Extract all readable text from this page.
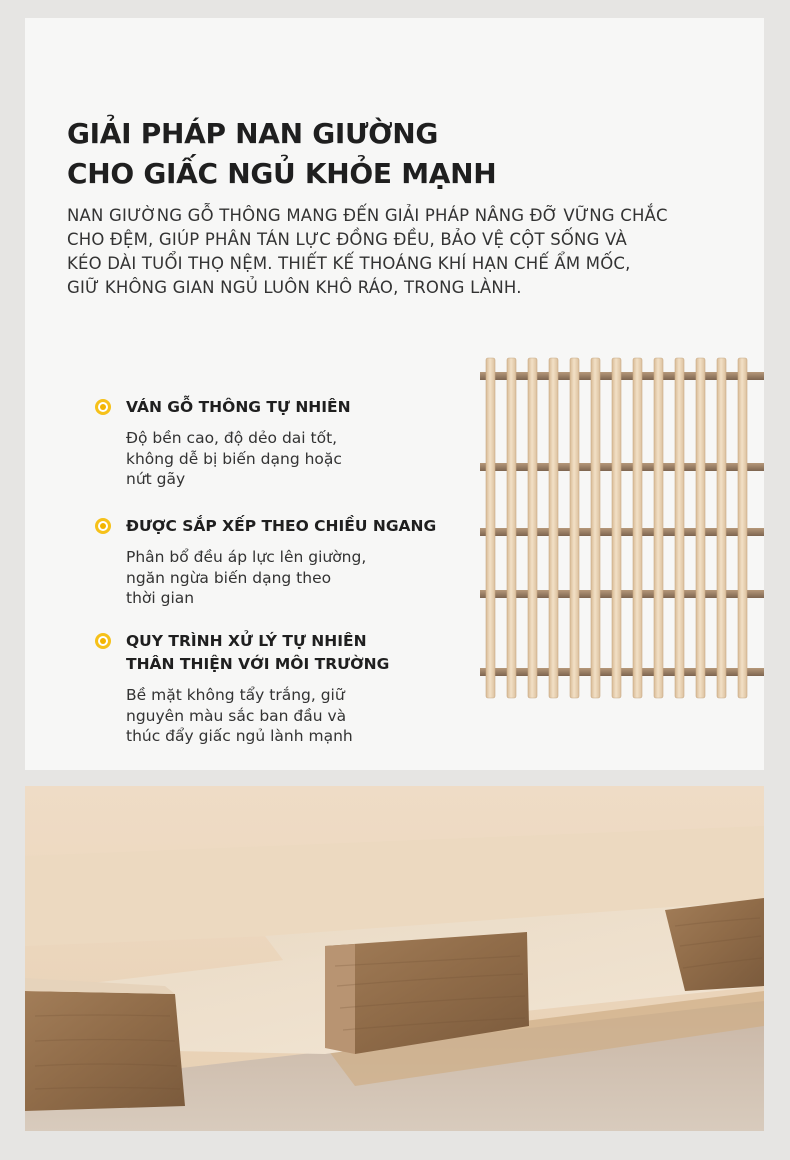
GIẢI PHÁP NAN GIƯỜNG
CHO GIẤC NGỦ KHỎE MẠNH
NAN GIƯỜNG GỖ THÔNG MANG ĐẾN GIẢI PHÁP NÂNG ĐỠ VỮNG CHẮC
CHO ĐỆM, GIÚP PHÂN TÁN LỰC ĐỒNG ĐỀU, BẢO VỆ CỘT SỐNG VÀ
KÉO DÀI TUỔI THỌ NỆM. THIẾT KẾ THOÁNG KHÍ HẠN CHẾ ẨM MỐC,
GIỮ KHÔNG GIAN NGỦ LUÔN KHÔ RÁO, TRONG LÀNH.
VÁN GỖ THÔNG TỰ NHIÊN

Độ bền cao, độ dẻo dai tốt,
không dễ bị biến dạng hoặc
nứt gãy

ĐƯỢC SẮP XẾP THEO CHIỀU NGANG

Phân bổ đều áp lực lên giường,
ngăn ngừa biến dạng theo
thời gian

QUY TRÌNH XỬ LÝ TỰ NHIÊN
THÂN THIỆN VỚI MÔI TRƯỜNG

Bề mặt không tẩy trắng, giữ
nguyên màu sắc ban đầu và
thúc đẩy giấc ngủ lành mạnh
